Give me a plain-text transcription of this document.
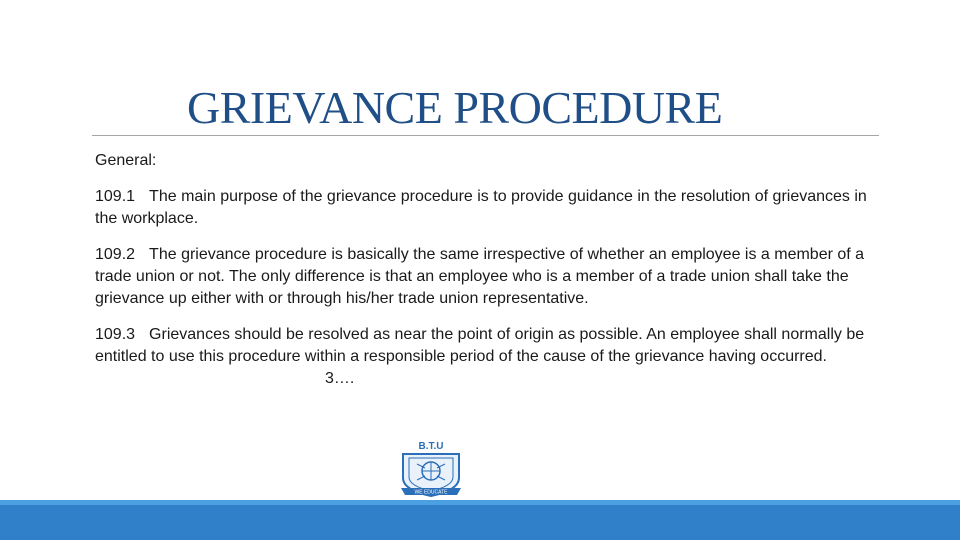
GRIEVANCE PROCEDURE

General:

109.1 The main purpose of the grievance procedure is to provide guidance in the resolution of grievances in the workplace.

109.2 The grievance procedure is basically the same irrespective of whether an employee is a member of a trade union or not. The only difference is that an employee who is a member of a trade union shall take the grievance up either with or through his/her trade union representative.

109.3 Grievances should be resolved as near the point of origin as possible. An employee shall normally be entitled to use this procedure within a responsible period of the cause of the grievance having occurred.3….

B.T.U
WE EDUCATE
